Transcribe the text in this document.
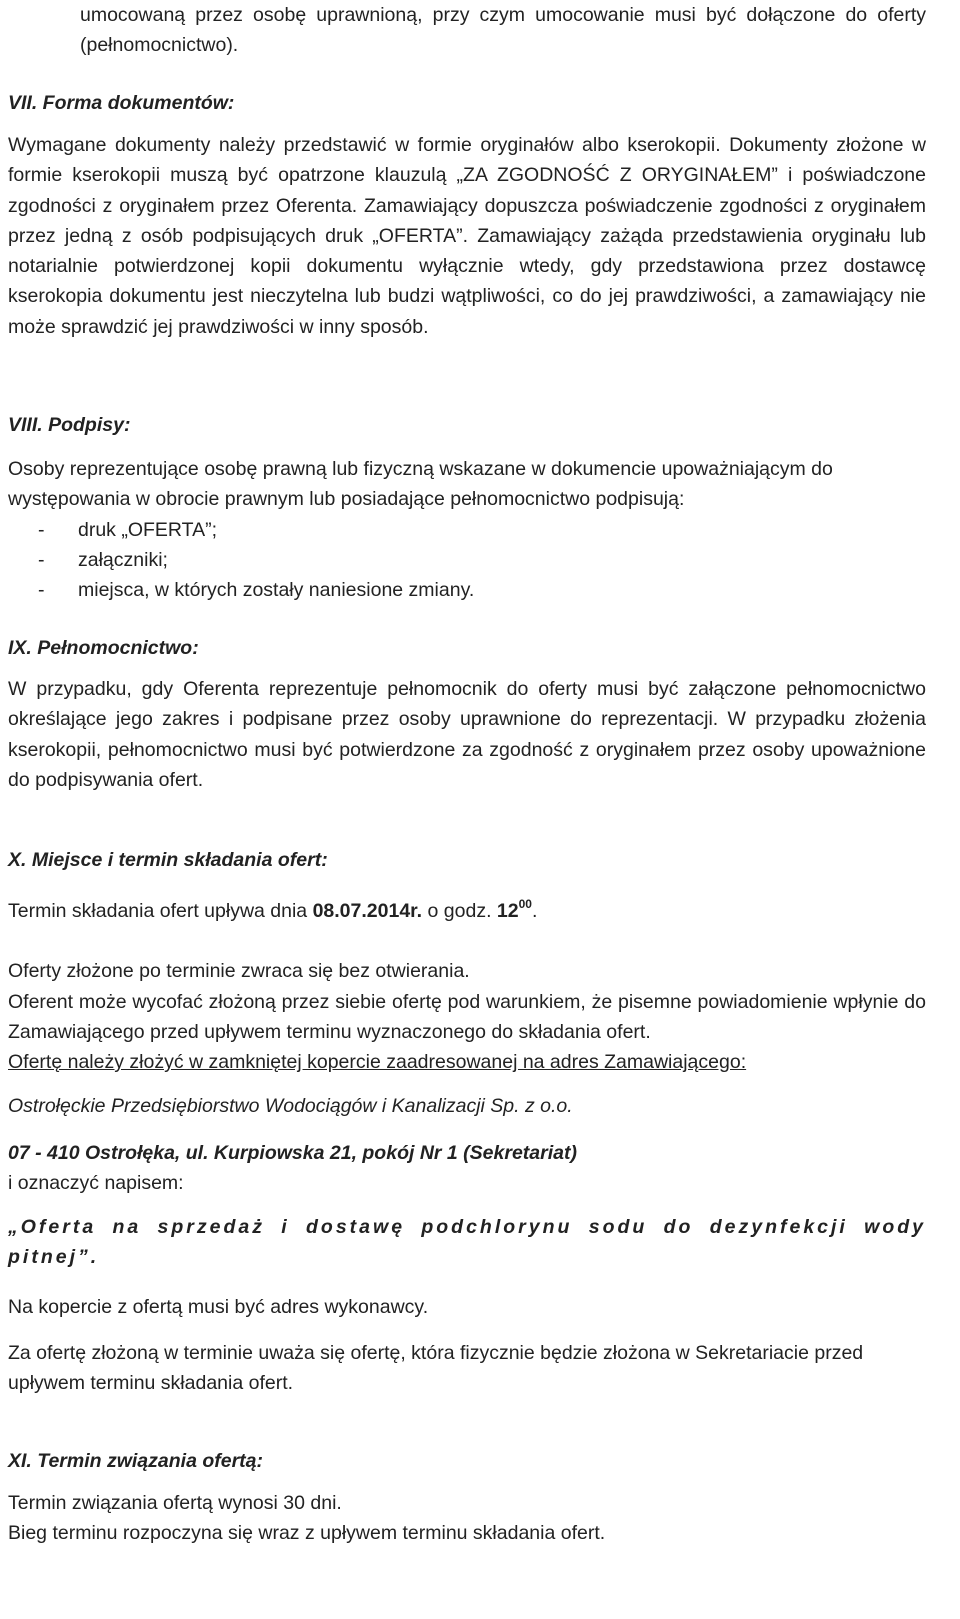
umocowaną przez osobę uprawnioną, przy czym umocowanie musi być dołączone do oferty (pełnomocnictwo).

VII. Forma dokumentów:

Wymagane dokumenty należy przedstawić w formie oryginałów albo kserokopii. Dokumenty złożone w formie kserokopii muszą być opatrzone klauzulą „ZA ZGODNOŚĆ Z ORYGINAŁEM” i poświadczone zgodności z oryginałem przez Oferenta. Zamawiający dopuszcza poświadczenie zgodności z oryginałem przez jedną z osób podpisujących druk „OFERTA”. Zamawiający zażąda przedstawienia oryginału lub notarialnie potwierdzonej kopii dokumentu wyłącznie wtedy, gdy przedstawiona przez dostawcę kserokopia dokumentu jest nieczytelna lub budzi wątpliwości, co do jej prawdziwości, a zamawiający nie może sprawdzić jej prawdziwości w inny sposób.

VIII. Podpisy:

Osoby reprezentujące osobę prawną lub fizyczną wskazane w dokumencie upoważniającym do występowania w obrocie prawnym lub posiadające pełnomocnictwo podpisują:

- druk „OFERTA”;
- załączniki;
- miejsca, w których zostały naniesione zmiany.

IX. Pełnomocnictwo:

W przypadku, gdy Oferenta reprezentuje pełnomocnik do oferty musi być załączone pełnomocnictwo określające jego zakres i podpisane przez osoby uprawnione do reprezentacji. W przypadku złożenia kserokopii, pełnomocnictwo musi być potwierdzone za zgodność z oryginałem przez osoby upoważnione do podpisywania ofert.

X. Miejsce i termin składania ofert:

Termin składania ofert upływa dnia 08.07.2014r. o godz. $12^{00}$.

Oferty złożone po terminie zwraca się bez otwierania.

Oferent może wycofać złożoną przez siebie ofertę pod warunkiem, że pisemne powiadomienie wpłynie do Zamawiającego przed upływem terminu wyznaczonego do składania ofert.

Ofertę należy złożyć w zamkniętej kopercie zaadresowanej na adres Zamawiającego:

Ostrołęckie Przedsiębiorstwo Wodociągów i Kanalizacji Sp. z o.o.

07 - 410 Ostrołęka, ul. Kurpiowska 21, pokój Nr 1 (Sekretariat)

i oznaczyć napisem:

„Oferta na sprzedaż i dostawę podchlorynu sodu do dezynfekcji wody pitnej”.

Na kopercie z ofertą musi być adres wykonawcy.

Za ofertę złożoną w terminie uważa się ofertę, która fizycznie będzie złożona w Sekretariacie przed upływem terminu składania ofert.

XI. Termin związania ofertą:

Termin związania ofertą wynosi 30 dni.

Bieg terminu rozpoczyna się wraz z upływem terminu składania ofert.
